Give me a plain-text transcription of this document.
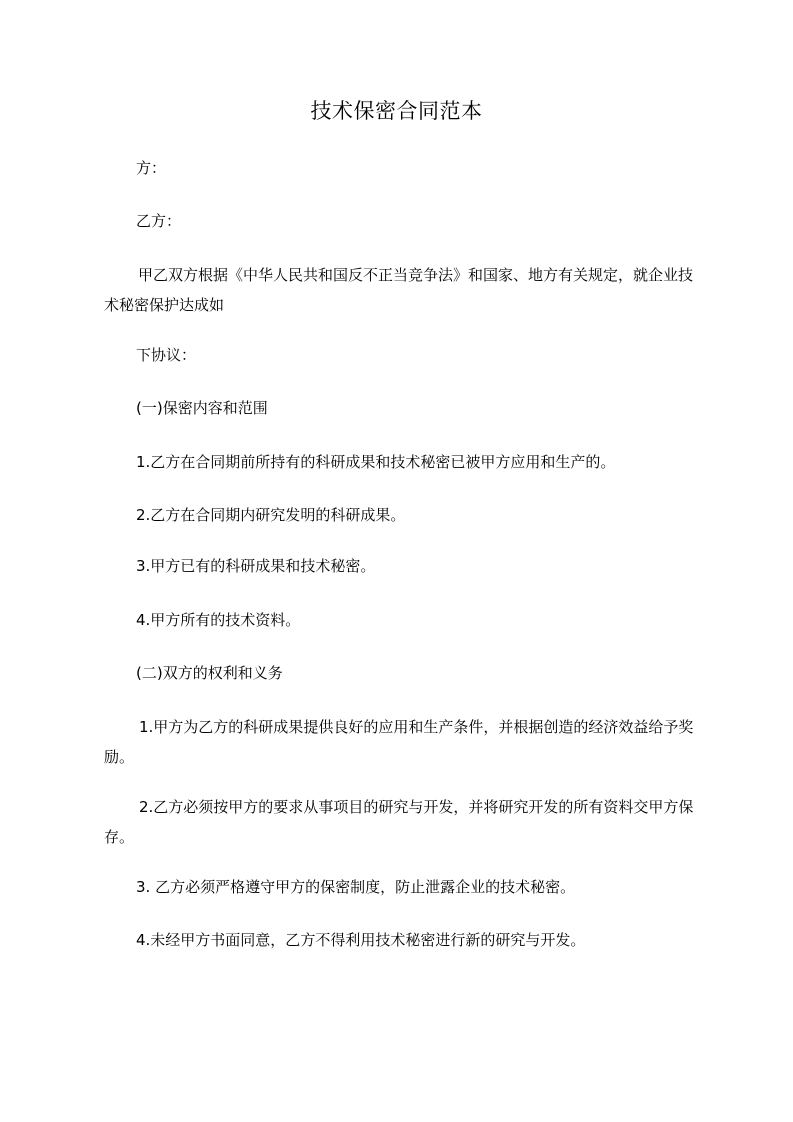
技术保密合同范本
方：
乙方：
甲乙双方根据《中华人民共和国反不正当竞争法》和国家、地方有关规定，就企业技术秘密保护达成如
下协议：
(一)保密内容和范围
1.乙方在合同期前所持有的科研成果和技术秘密已被甲方应用和生产的。
2.乙方在合同期内研究发明的科研成果。
3.甲方已有的科研成果和技术秘密。
4.甲方所有的技术资料。
(二)双方的权利和义务
1.甲方为乙方的科研成果提供良好的应用和生产条件，并根据创造的经济效益给予奖励。
2.乙方必须按甲方的要求从事项目的研究与开发，并将研究开发的所有资料交甲方保存。
3. 乙方必须严格遵守甲方的保密制度，防止泄露企业的技术秘密。
4.未经甲方书面同意，乙方不得利用技术秘密进行新的研究与开发。
